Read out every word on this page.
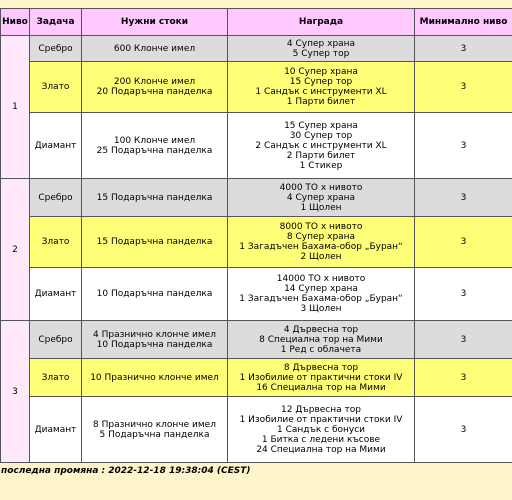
Ниво	Задача	Нужни стоки	Награда	Минимално ниво
1	Сребро	600 Клонче имел	4 Супер храна
5 Супер тор	3
	Злато	200 Клонче имел
20 Подаръчна панделка	10 Супер храна
15 Супер тор
1 Сандък с инструменти XL
1 Парти билет	3
	Диамант	100 Клонче имел
25 Подаръчна панделка	15 Супер храна
30 Супер тор
2 Сандък с инструменти XL
2 Парти билет
1 Стикер	3
2	Сребро	15 Подаръчна панделка	4000 ТО х нивото
4 Супер храна
1 Щолен	3
	Злато	15 Подаръчна панделка	8000 ТО х нивото
8 Супер храна
1 Загадъчен Бахама-обор „Буран“
2 Щолен	3
	Диамант	10 Подаръчна панделка	14000 ТО х нивото
14 Супер храна
1 Загадъчен Бахама-обор „Буран“
3 Щолен	3
3	Сребро	4 Празнично клонче имел
10 Подаръчна панделка	4 Дървесна тор
8 Специална тор на Мими
1 Ред с облачета	3
	Злато	10 Празнично клонче имел	8 Дървесна тор
1 Изобилие от практични стоки IV
16 Специална тор на Мими	3
	Диамант	8 Празнично клонче имел
5 Подаръчна панделка	12 Дървесна тор
1 Изобилие от практични стоки IV
1 Сандък с бонуси
1 Битка с ледени късове
24 Специална тор на Мими	3
последна промяна : 2022-12-18 19:38:04 (CEST)
